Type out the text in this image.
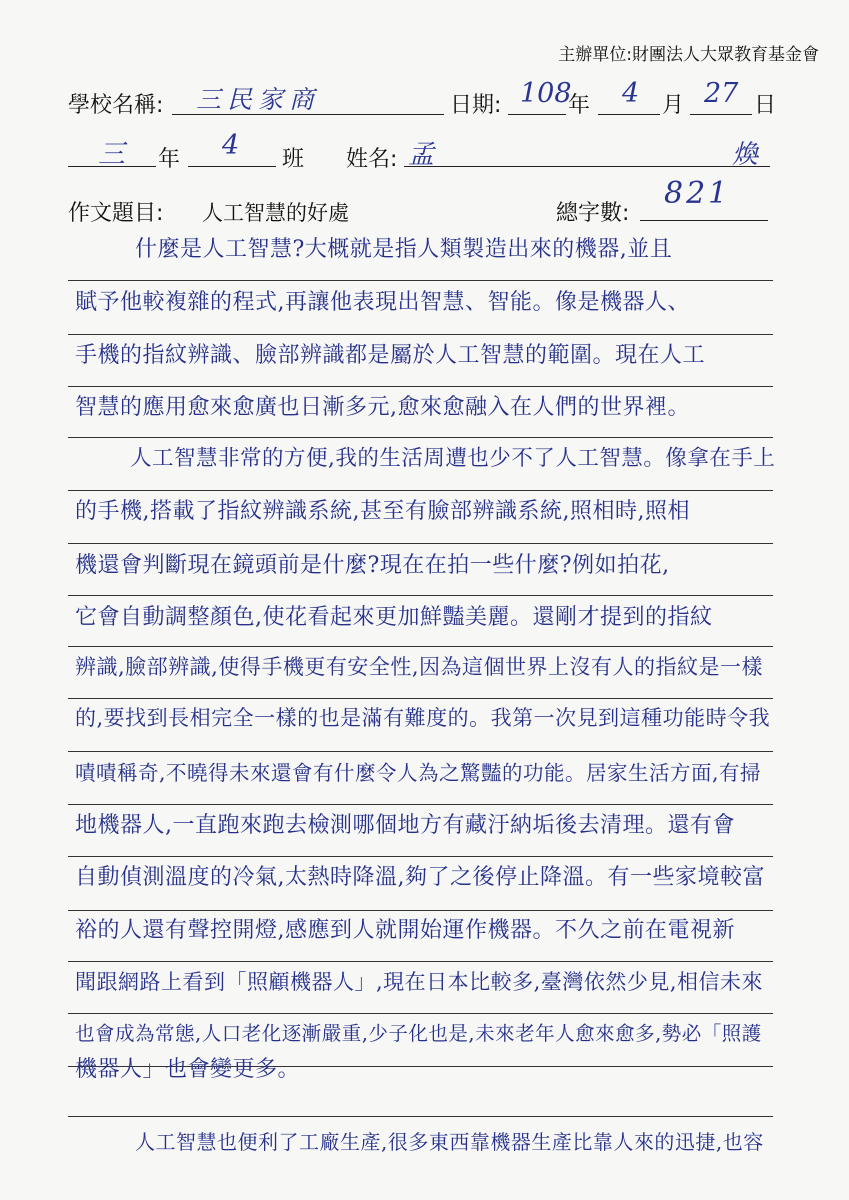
主辦單位:財團法人大眾教育基金會
學校名稱: 三民家商	日期: 108
年 4 月 27 日
三 年 4 班 姓名: 孟	煥
作文題目: 人工智慧的好處	總字數:
821
什麼是人工智慧?大概就是指人類製造出來的機器,並且
賦予他較複雜的程式,再讓他表現出智慧、智能。像是機器人、
手機的指紋辨識、臉部辨識都是屬於人工智慧的範圍。現在人工
智慧的應用愈來愈廣也日漸多元,愈來愈融入在人們的世界裡。
人工智慧非常的方便,我的生活周遭也少不了人工智慧。像拿在手上
的手機,搭載了指紋辨識系統,甚至有臉部辨識系統,照相時,照相
機還會判斷現在鏡頭前是什麼?現在在拍一些什麼?例如拍花,
它會自動調整顏色,使花看起來更加鮮豔美麗。還剛才提到的指紋
辨識,臉部辨識,使得手機更有安全性,因為這個世界上沒有人的指紋是一樣
的,要找到長相完全一樣的也是滿有難度的。我第一次見到這種功能時令我
嘖嘖稱奇,不曉得未來還會有什麼令人為之驚豔的功能。居家生活方面,有掃
地機器人,一直跑來跑去檢測哪個地方有藏汙納垢後去清理。還有會
自動偵測溫度的冷氣,太熱時降溫,夠了之後停止降溫。有一些家境較富
裕的人還有聲控開燈,感應到人就開始運作機器。不久之前在電視新
聞跟網路上看到「照顧機器人」,現在日本比較多,臺灣依然少見,相信未來
也會成為常態,人口老化逐漸嚴重,少子化也是,未來老年人愈來愈多,勢必「照護
機器人」也會變更多。
人工智慧也便利了工廠生產,很多東西靠機器生產比靠人來的迅捷,也容
